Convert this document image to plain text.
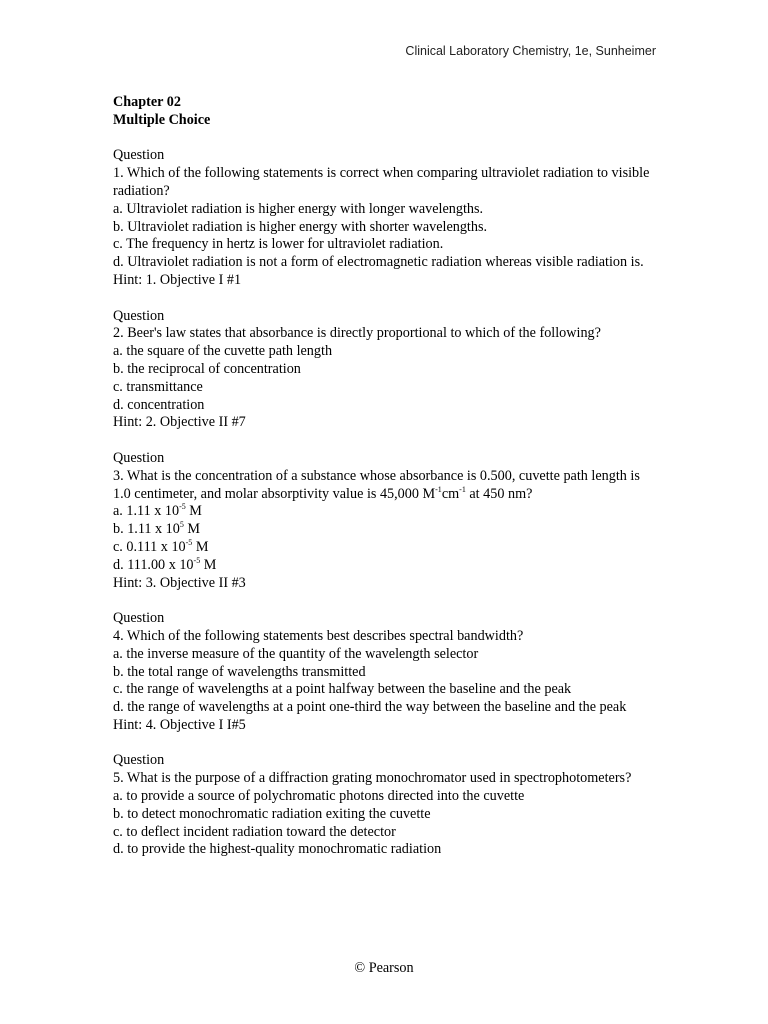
Clinical Laboratory Chemistry, 1e, Sunheimer

Chapter 02

Multiple Choice

Question

1. Which of the following statements is correct when comparing ultraviolet radiation to visible radiation?

a. Ultraviolet radiation is higher energy with longer wavelengths.

b. Ultraviolet radiation is higher energy with shorter wavelengths.

c. The frequency in hertz is lower for ultraviolet radiation.

d. Ultraviolet radiation is not a form of electromagnetic radiation whereas visible radiation is.

Hint: 1. Objective I #1

Question

2. Beer's law states that absorbance is directly proportional to which of the following?

a. the square of the cuvette path length

b. the reciprocal of concentration

c. transmittance

d. concentration

Hint: 2. Objective II #7

Question

3. What is the concentration of a substance whose absorbance is 0.500, cuvette path length is 1.0 centimeter, and molar absorptivity value is 45,000 $M^{-1}cm^{-1}$ at 450 nm?

a. 1.11 x $10^{-5}$ M

b. 1.11 x $10^5$ M

c. 0.111 x $10^{-5}$ M

d. 111.00 x $10^{-5}$ M

Hint: 3. Objective II #3

Question

4. Which of the following statements best describes spectral bandwidth?

a. the inverse measure of the quantity of the wavelength selector

b. the total range of wavelengths transmitted

c. the range of wavelengths at a point halfway between the baseline and the peak

d. the range of wavelengths at a point one-third the way between the baseline and the peak

Hint: 4. Objective I I#5

Question

5. What is the purpose of a diffraction grating monochromator used in spectrophotometers?

a. to provide a source of polychromatic photons directed into the cuvette

b. to detect monochromatic radiation exiting the cuvette

c. to deflect incident radiation toward the detector

d. to provide the highest-quality monochromatic radiation

© Pearson
